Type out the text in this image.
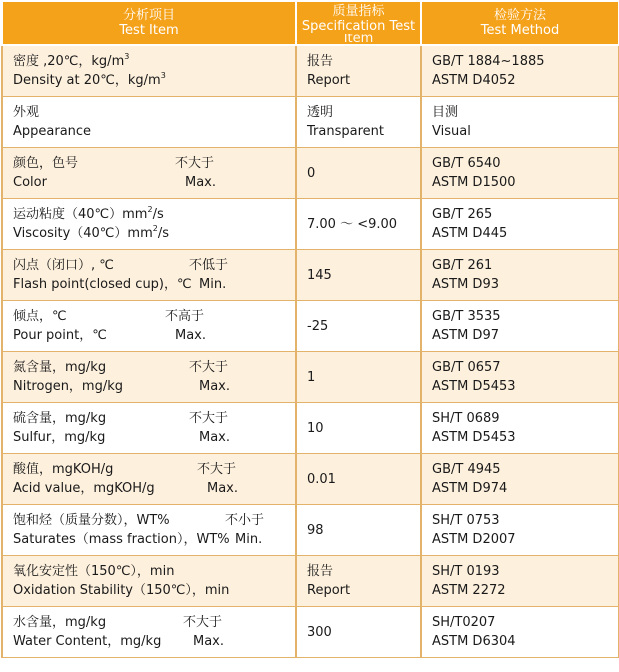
分析项目
Test Item	质量指标
Specification Test
Item	检验方法
Test Method

密度 ,20℃，$kg/m^3$
Density at 20℃，$kg/m^3$	报告
Report	GB/T 1884~1885
ASTM D4052

外观
Appearance	透明
Transparent	目测
Visual

颜色，色号 不大于
Color Max.	0	GB/T 6540
ASTM D1500

运动粘度$(40℃)mm^2/s$
$Viscosity(40℃)mm^2/s$	7.00 ～ <9.00	GB/T 265
ASTM D445

闪点（闭口）, ℃ 不低于
Flash point(closed cup)，℃ Min.	145	GB/T 261
ASTM D93

倾点，℃ 不高于
Pour point，℃ Max.	-25	GB/T 3535
ASTM D97

氮含量，mg/kg 不大于
Nitrogen，mg/kg Max.	1	GB/T 0657
ASTM D5453

硫含量，mg/kg 不大于
Sulfur，mg/kg Max.	10	SH/T 0689
ASTM D5453

酸值，mgKOH/g 不大于
Acid value，mgKOH/g Max.	0.01	GB/T 4945
ASTM D974

饱和烃（质量分数），WT% 不小于
Saturates（mass fraction），WT% Min.	98	SH/T 0753
ASTM D2007

氧化安定性（150℃），min
Oxidation Stability（150℃），min	报告
Report	SH/T 0193
ASTM 2272

水含量，mg/kg 不大于
Water Content，mg/kg Max.	300	SH/T0207
ASTM D6304
